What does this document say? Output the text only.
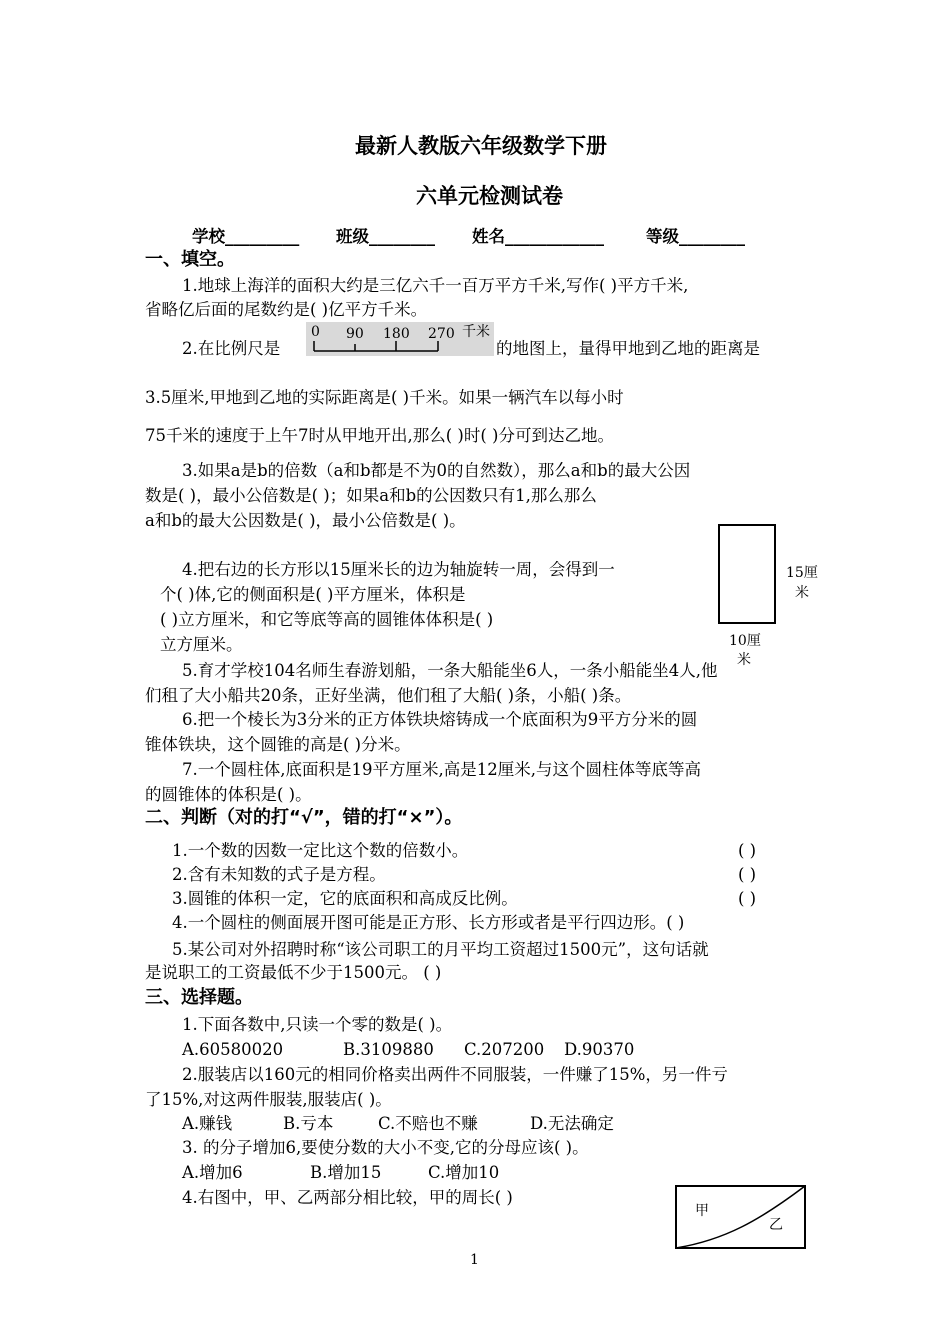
最新人教版六年级数学下册
六单元检测试卷
学校_________ 班级________ 姓名____________	等级________
一、填空。
1.地球上海洋的面积大约是三亿六千一百万平方千米,写作( )平方千米,
省略亿后面的尾数约是( )亿平方千米。
2.在比例尺是
0 90 180 270 千米
的地图上，量得甲地到乙地的距离是
3.5厘米,甲地到乙地的实际距离是( )千米。如果一辆汽车以每小时
75千米的速度于上午7时从甲地开出,那么( )时( )分可到达乙地。
3.如果a是b的倍数（a和b都是不为0的自然数），那么a和b的最大公因
数是( )，最小公倍数是( )；如果a和b的公因数只有1,那么那么
a和b的最大公因数是( )，最小公倍数是( )。
4.把右边的长方形以15厘米长的边为轴旋转一周，会得到一
个( )体,它的侧面积是( )平方厘米，体积是
( )立方厘米，和它等底等高的圆锥体体积是( )
立方厘米。
15厘
米
10厘
米
5.育才学校104名师生春游划船，一条大船能坐6人，一条小船能坐4人,他
们租了大小船共20条，正好坐满，他们租了大船( )条，小船( )条。
6.把一个棱长为3分米的正方体铁块熔铸成一个底面积为9平方分米的圆
锥体铁块，这个圆锥的高是( )分米。
7.一个圆柱体,底面积是19平方厘米,高是12厘米,与这个圆柱体等底等高
的圆锥体的体积是( )。
二、判断（对的打“√”，错的打“×”）。
1.一个数的因数一定比这个数的倍数小。	( )
2.含有未知数的式子是方程。	( )
3.圆锥的体积一定，它的底面积和高成反比例。	( )
4.一个圆柱的侧面展开图可能是正方形、长方形或者是平行四边形。( )
5.某公司对外招聘时称“该公司职工的月平均工资超过1500元”，这句话就
是说职工的工资最低不少于1500元。 ( )
三、选择题。
1.下面各数中,只读一个零的数是( )。
A.60580020	B.3109880 C.207200 D.90370
2.服装店以160元的相同价格卖出两件不同服装，一件赚了15%，另一件亏
了15%,对这两件服装,服装店( )。
A.赚钱	B.亏本	C.不赔也不赚	D.无法确定
3. 的分子增加6,要使分数的大小不变,它的分母应该( )。
A.增加6	B.增加15	C.增加10
4.右图中，甲、乙两部分相比较，甲的周长( )
甲
乙
1
